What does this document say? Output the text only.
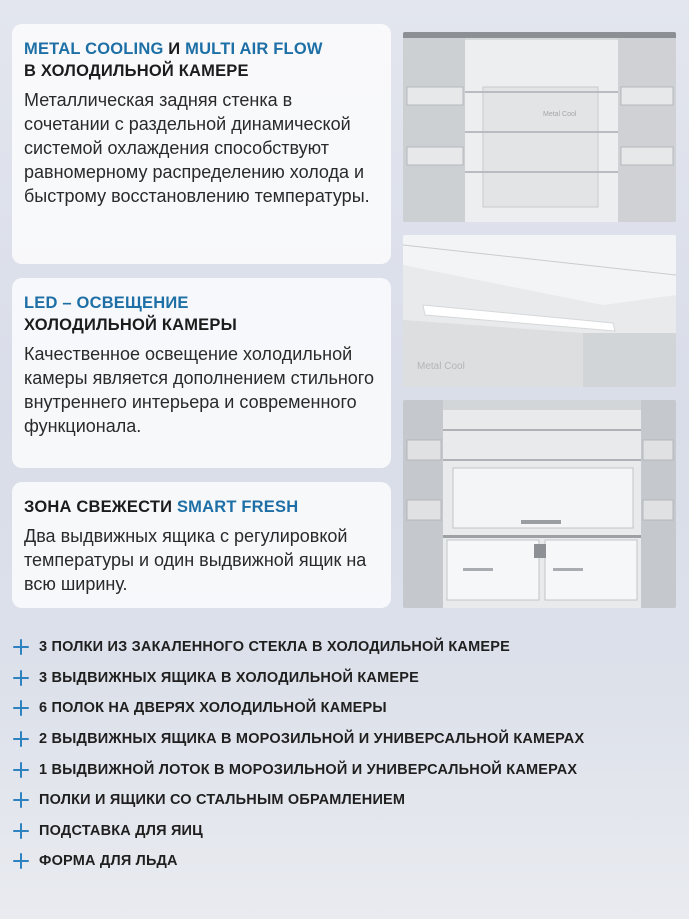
METAL COOLING И MULTI AIR FLOW
В ХОЛОДИЛЬНОЙ КАМЕРЕ
Металлическая задняя стенка в сочетании с раздельной динамической системой охлаждения способствуют равномерному распределению холода и быстрому восстановлению температуры.
LED – ОСВЕЩЕНИЕ
ХОЛОДИЛЬНОЙ КАМЕРЫ
Качественное освещение холодильной камеры является дополнением стильного внутреннего интерьера и современного функционала.
ЗОНА СВЕЖЕСТИ SMART FRESH
Два выдвижных ящика с регулировкой температуры и один выдвижной ящик на всю ширину.
Metal Cool
Metal Cool
3 ПОЛКИ ИЗ ЗАКАЛЕННОГО СТЕКЛА В ХОЛОДИЛЬНОЙ КАМЕРЕ
3 ВЫДВИЖНЫХ ЯЩИКА В ХОЛОДИЛЬНОЙ КАМЕРЕ
6 ПОЛОК НА ДВЕРЯХ ХОЛОДИЛЬНОЙ КАМЕРЫ
2 ВЫДВИЖНЫХ ЯЩИКА В МОРОЗИЛЬНОЙ И УНИВЕРСАЛЬНОЙ КАМЕРАХ
1 ВЫДВИЖНОЙ ЛОТОК В МОРОЗИЛЬНОЙ И УНИВЕРСАЛЬНОЙ КАМЕРАХ
ПОЛКИ И ЯЩИКИ СО СТАЛЬНЫМ ОБРАМЛЕНИЕМ
ПОДСТАВКА ДЛЯ ЯИЦ
ФОРМА ДЛЯ ЛЬДА
